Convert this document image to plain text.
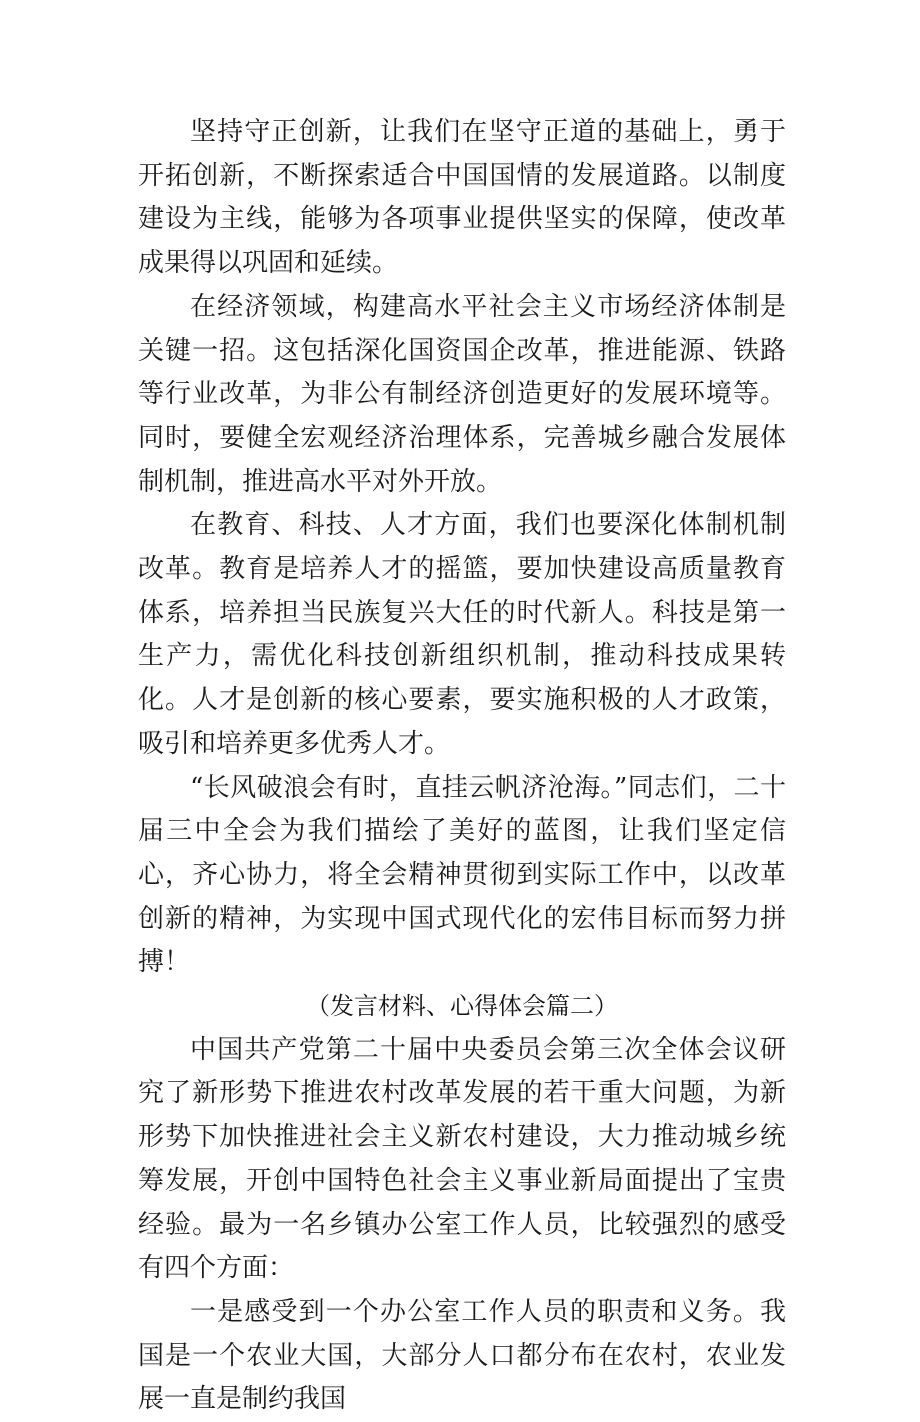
坚持守正创新，让我们在坚守正道的基础上，勇于开拓创新，不断探索适合中国国情的发展道路。以制度建设为主线，能够为各项事业提供坚实的保障，使改革成果得以巩固和延续。

在经济领域，构建高水平社会主义市场经济体制是关键一招。这包括深化国资国企改革，推进能源、铁路等行业改革，为非公有制经济创造更好的发展环境等。同时，要健全宏观经济治理体系，完善城乡融合发展体制机制，推进高水平对外开放。

在教育、科技、人才方面，我们也要深化体制机制改革。教育是培养人才的摇篮，要加快建设高质量教育体系，培养担当民族复兴大任的时代新人。科技是第一生产力，需优化科技创新组织机制，推动科技成果转化。人才是创新的核心要素，要实施积极的人才政策，吸引和培养更多优秀人才。

“长风破浪会有时，直挂云帆济沧海。”同志们，二十届三中全会为我们描绘了美好的蓝图，让我们坚定信心，齐心协力，将全会精神贯彻到实际工作中，以改革创新的精神，为实现中国式现代化的宏伟目标而努力拼搏！

（发言材料、心得体会篇二）

中国共产党第二十届中央委员会第三次全体会议研究了新形势下推进农村改革发展的若干重大问题，为新形势下加快推进社会主义新农村建设，大力推动城乡统筹发展，开创中国特色社会主义事业新局面提出了宝贵经验。最为一名乡镇办公室工作人员，比较强烈的感受有四个方面：

一是感受到一个办公室工作人员的职责和义务。我国是一个农业大国，大部分人口都分布在农村，农业发展一直是制约我国
